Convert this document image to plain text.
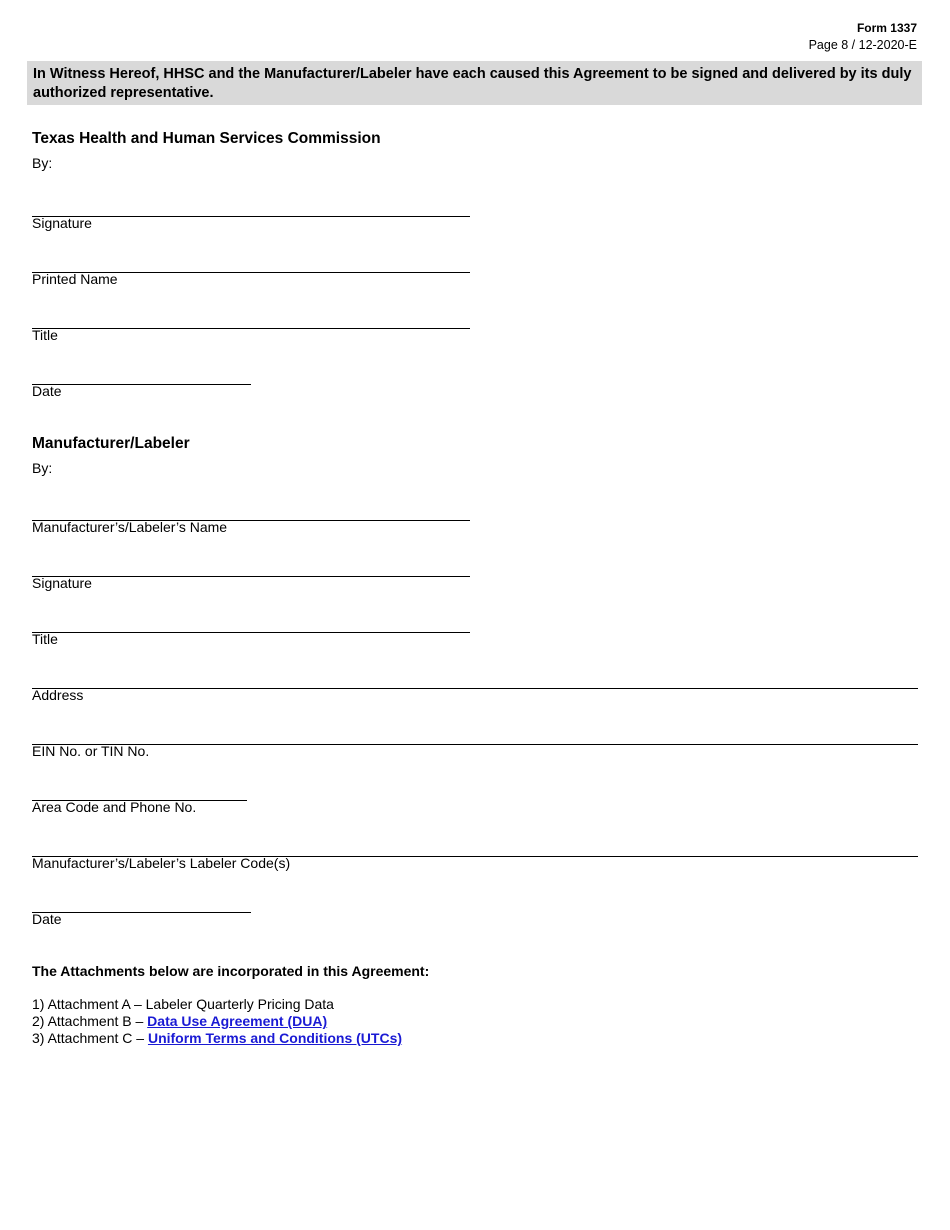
Form 1337
Page 8 / 12-2020-E
In Witness Hereof, HHSC and the Manufacturer/Labeler have each caused this Agreement to be signed and delivered by its duly authorized representative.
Texas Health and Human Services Commission
By:
Signature
Printed Name
Title
Date
Manufacturer/Labeler
By:
Manufacturer’s/Labeler’s Name
Signature
Title
Address
EIN No. or TIN No.
Area Code and Phone No.
Manufacturer’s/Labeler’s Labeler Code(s)
Date
The Attachments below are incorporated in this Agreement:
1) Attachment A – Labeler Quarterly Pricing Data
2) Attachment B – Data Use Agreement (DUA)
3) Attachment C – Uniform Terms and Conditions (UTCs)
